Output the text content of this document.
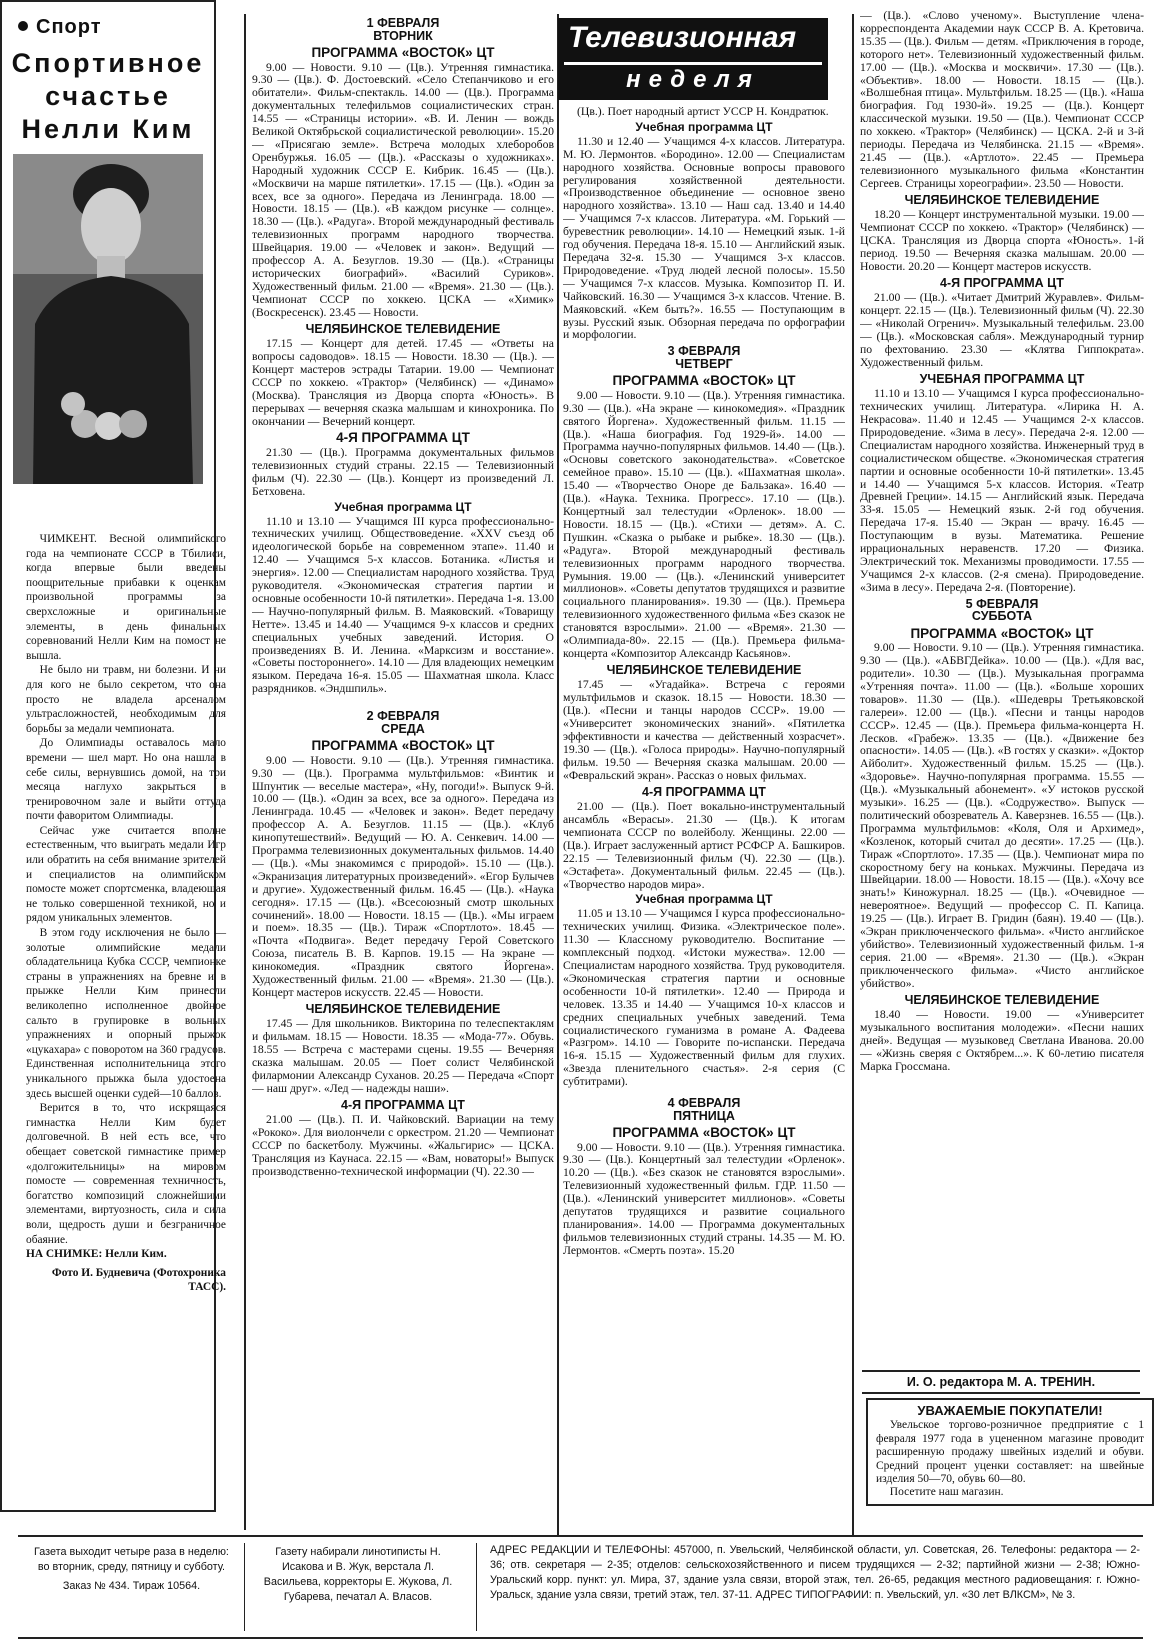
Спорт
Спортивное счастье Нелли Ким

ЧИМКЕНТ. Весной олимпийского года на чемпионате СССР в Тбилиси, когда впервые были введены поощрительные прибавки к оценкам произвольной программы за сверхсложные и оригинальные элементы, в день финальных соревнований Нелли Ким на помост не вышла.

Не было ни травм, ни болезни. И ни для кого не было секретом, что она просто не владела арсеналом ультрасложностей, необходимым для борьбы за медали чемпионата.

До Олимпиады оставалось мало времени — шел март. Но она нашла в себе силы, вернувшись домой, на три месяца наглухо закрыться в тренировочном зале и выйти оттуда почти фаворитом Олимпиады.

Сейчас уже считается вполне естественным, что выиграть медали Игр или обратить на себя внимание зрителей и специалистов на олимпийском помосте может спортсменка, владеющая не только совершенной техникой, но и рядом уникальных элементов.

В этом году исключения не было — золотые олимпийские медали обладательница Кубка СССР, чемпионке страны в упражнениях на бревне и в прыжке Нелли Ким принесли великолепно исполненное двойное сальто в групировке в вольных упражнениях и опорный прыжок «цукахара» с поворотом на 360 градусов. Единственная исполнительница этого уникального прыжка была удостоена здесь высшей оценки судей—10 баллов.

Верится в то, что искрящаяся гимнастка Нелли Ким будет долговечной. В ней есть все, что обещает советской гимнастике пример «долгожительницы» на мировом помосте — современная техничность, богатство композиций сложнейшими элементами, виртуозность, сила и сила воли, щедрость души и безграничное обаяние.

НА СНИМКЕ: Нелли Ким.

Фото И. Будневича (Фотохроника ТАСС).
1 ФЕВРАЛЯ
ВТОРНИК
ПРОГРАММА «ВОСТОК» ЦТ

9.00 — Новости. 9.10 — (Цв.). Утренняя гимнастика. 9.30 — (Цв.). Ф. Достоевский. «Село Степанчиково и его обитатели». Фильм-спектакль. 14.00 — (Цв.). Программа документальных телефильмов социалистических стран. 14.55 — «Страницы истории». «В. И. Ленин — вождь Великой Октябрьской социалистической революции». 15.20 — «Присягаю земле». Встреча молодых хлеборобов Оренбуржья. 16.05 — (Цв.). «Рассказы о художниках». Народный художник СССР Е. Кибрик. 16.45 — (Цв.). «Москвичи на марше пятилетки». 17.15 — (Цв.). «Один за всех, все за одного». Передача из Ленинграда. 18.00 — Новости. 18.15 — (Цв.). «В каждом рисунке — солнце». 18.30 — (Цв.). «Радуга». Второй международный фестиваль телевизионных программ народного творчества. Швейцария. 19.00 — «Человек и закон». Ведущий — профессор А. А. Безуглов. 19.30 — (Цв.). «Страницы исторических биографий». «Василий Суриков». Художественный фильм. 21.00 — «Время». 21.30 — (Цв.). Чемпионат СССР по хоккею. ЦСКА — «Химик» (Воскресенск). 23.45 — Новости.

ЧЕЛЯБИНСКОЕ ТЕЛЕВИДЕНИЕ

17.15 — Концерт для детей. 17.45 — «Ответы на вопросы садоводов». 18.15 — Новости. 18.30 — (Цв.). — Концерт мастеров эстрады Татарии. 19.00 — Чемпионат СССР по хоккею. «Трактор» (Челябинск) — «Динамо» (Москва). Трансляция из Дворца спорта «Юность». В перерывах — вечерняя сказка малышам и кинохроника. По окончании — Вечерний концерт.

4-Я ПРОГРАММА ЦТ

21.30 — (Цв.). Программа документальных фильмов телевизионных студий страны. 22.15 — Телевизионный фильм (Ч). 22.30 — (Цв.). Концерт из произведений Л. Бетховена.

Учебная программа ЦТ

11.10 и 13.10 — Учащимся III курса профессионально-технических училищ. Обществоведение. «XXV съезд об идеологической борьбе на современном этапе». 11.40 и 12.40 — Учащимся 5-х классов. Ботаника. «Листья и энергия». 12.00 — Специалистам народного хозяйства. Труд руководителя. «Экономическая стратегия партии и основные особенности 10-й пятилетки». Передача 1-я. 13.00 — Научно-популярный фильм. В. Маяковский. «Товарищу Нетте». 13.45 и 14.40 — Учащимся 9-х классов и средних специальных учебных заведений. История. О произведениях В. И. Ленина. «Марксизм и восстание». «Советы постороннего». 14.10 — Для владеющих немецким языком. Передача 16-я. 15.05 — Шахматная школа. Класс разрядников. «Эндшпиль».

2 ФЕВРАЛЯ
СРЕДА
ПРОГРАММА «ВОСТОК» ЦТ

9.00 — Новости. 9.10 — (Цв.). Утренняя гимнастика. 9.30 — (Цв.). Программа мультфильмов: «Винтик и Шпунтик — веселые мастера», «Ну, погоди!». Выпуск 9-й. 10.00 — (Цв.). «Один за всех, все за одного». Передача из Ленинграда. 10.45 — «Человек и закон». Ведет передачу профессор А. А. Безуглов. 11.15 — (Цв.). «Клуб кинопутешествий». Ведущий — Ю. А. Сенкевич. 14.00 — Программа телевизионных документальных фильмов. 14.40 — (Цв.). «Мы знакомимся с природой». 15.10 — (Цв.). «Экранизация литературных произведений». «Егор Булычев и другие». Художественный фильм. 16.45 — (Цв.). «Наука сегодня». 17.15 — (Цв.). «Всесоюзный смотр школьных сочинений». 18.00 — Новости. 18.15 — (Цв.). «Мы играем и поем». 18.35 — (Цв.). Тираж «Спортлото». 18.45 — «Почта «Подвига». Ведет передачу Герой Советского Союза, писатель В. В. Карпов. 19.15 — На экране — кинокомедия. «Праздник святого Йоргена». Художественный фильм. 21.00 — «Время». 21.30 — (Цв.). Концерт мастеров искусств. 22.45 — Новости.

ЧЕЛЯБИНСКОЕ ТЕЛЕВИДЕНИЕ

17.45 — Для школьников. Викторина по телеспектаклям и фильмам. 18.15 — Новости. 18.35 — «Мода-77». Обувь. 18.55 — Встреча с мастерами сцены. 19.55 — Вечерняя сказка малышам. 20.05 — Поет солист Челябинской филармонии Александр Суханов. 20.25 — Передача «Спорт — наш друг». «Лед — надежды наши».

4-Я ПРОГРАММА ЦТ

21.00 — (Цв.). П. И. Чайковский. Вариации на тему «Рококо». Для виолончели с оркестром. 21.20 — Чемпионат СССР по баскетболу. Мужчины. «Жальгирис» — ЦСКА. Трансляция из Каунаса. 22.15 — «Вам, новаторы!» Выпуск производственно-технической информации (Ч). 22.30 —

Телевизионная
неделя

(Цв.). Поет народный артист УССР Н. Кондратюк.

Учебная программа ЦТ

11.30 и 12.40 — Учащимся 4-х классов. Литература. М. Ю. Лермонтов. «Бородино». 12.00 — Специалистам народного хозяйства. Основные вопросы правового регулирования хозяйственной деятельности. «Производственное объединение — основное звено народного хозяйства». 13.10 — Наш сад. 13.40 и 14.40 — Учащимся 7-х классов. Литература. «М. Горький — буревестник революции». 14.10 — Немецкий язык. 1-й год обучения. Передача 18-я. 15.10 — Английский язык. Передача 32-я. 15.30 — Учащимся 3-х классов. Природоведение. «Труд людей лесной полосы». 15.50 — Учащимся 7-х классов. Музыка. Композитор П. И. Чайковский. 16.30 — Учащимся 3-х классов. Чтение. В. Маяковский. «Кем быть?». 16.55 — Поступающим в вузы. Русский язык. Обзорная передача по орфографии и морфологии.

3 ФЕВРАЛЯ
ЧЕТВЕРГ
ПРОГРАММА «ВОСТОК» ЦТ

9.00 — Новости. 9.10 — (Цв.). Утренняя гимнастика. 9.30 — (Цв.). «На экране — кинокомедия». «Праздник святого Йоргена». Художественный фильм. 11.15 — (Цв.). «Наша биография. Год 1929-й». 14.00 — Программа научно-популярных фильмов. 14.40 — (Цв.). «Основы советского законодательства». «Советское семейное право». 15.10 — (Цв.). «Шахматная школа». 15.40 — «Творчество Оноре де Бальзака». 16.40 — (Цв.). «Наука. Техника. Прогресс». 17.10 — (Цв.). Концертный зал телестудии «Орленок». 18.00 — Новости. 18.15 — (Цв.). «Стихи — детям». А. С. Пушкин. «Сказка о рыбаке и рыбке». 18.30 — (Цв.). «Радуга». Второй международный фестиваль телевизионных программ народного творчества. Румыния. 19.00 — (Цв.). «Ленинский университет миллионов». «Советы депутатов трудящихся и развитие социального планирования». 19.30 — (Цв.). Премьера телевизионного художественного фильма «Без сказок не становятся взрослыми». 21.00 — «Время». 21.30 — «Олимпиада-80». 22.15 — (Цв.). Премьера фильма-концерта «Композитор Александр Касьянов».

ЧЕЛЯБИНСКОЕ ТЕЛЕВИДЕНИЕ

17.45 — «Угадайка». Встреча с героями мультфильмов и сказок. 18.15 — Новости. 18.30 — (Цв.). «Песни и танцы народов СССР». 19.00 — «Университет экономических знаний». «Пятилетка эффективности и качества — действенный хозрасчет». 19.30 — (Цв.). «Голоса природы». Научно-популярный фильм. 19.50 — Вечерняя сказка малышам. 20.00 — «Февральский экран». Рассказ о новых фильмах.

4-Я ПРОГРАММА ЦТ

21.00 — (Цв.). Поет вокально-инструментальный ансамбль «Верасы». 21.30 — (Цв.). К итогам чемпионата СССР по волейболу. Женщины. 22.00 — (Цв.). Играет заслуженный артист РСФСР А. Башкиров. 22.15 — Телевизионный фильм (Ч). 22.30 — (Цв.). «Эстафета». Документальный фильм. 22.45 — (Цв.). «Творчество народов мира».

Учебная программа ЦТ

11.05 и 13.10 — Учащимся I курса профессионально-технических училищ. Физика. «Электрическое поле». 11.30 — Классному руководителю. Воспитание — комплексный подход. «Истоки мужества». 12.00 — Специалистам народного хозяйства. Труд руководителя. «Экономическая стратегия партии и основные особенности 10-й пятилетки». 12.40 — Природа и человек. 13.35 и 14.40 — Учащимся 10-х классов и средних специальных учебных заведений. Тема социалистического гуманизма в романе А. Фадеева «Разгром». 14.10 — Говорите по-испански. Передача 16-я. 15.15 — Художественный фильм для глухих. «Звезда пленительного счастья». 2-я серия (С субтитрами).

4 ФЕВРАЛЯ
ПЯТНИЦА
ПРОГРАММА «ВОСТОК» ЦТ

9.00 — Новости. 9.10 — (Цв.). Утренняя гимнастика. 9.30 — (Цв.). Концертный зал телестудии «Орленок». 10.20 — (Цв.). «Без сказок не становятся взрослыми». Телевизионный художественный фильм. ГДР. 11.50 — (Цв.). «Ленинский университет миллионов». «Советы депутатов трудящихся и развитие социального планирования». 14.00 — Программа документальных фильмов телевизионных студий страны. 14.35 — М. Ю. Лермонтов. «Смерть поэта». 15.20

— (Цв.). «Слово ученому». Выступление члена-корреспондента Академии наук СССР В. А. Кретовича. 15.35 — (Цв.). Фильм — детям. «Приключения в городе, которого нет». Телевизионный художественный фильм. 17.00 — (Цв.). «Москва и москвичи». 17.30 — (Цв.). «Объектив». 18.00 — Новости. 18.15 — (Цв.). «Волшебная птица». Мультфильм. 18.25 — (Цв.). «Наша биография. Год 1930-й». 19.25 — (Цв.). Концерт классической музыки. 19.50 — (Цв.). Чемпионат СССР по хоккею. «Трактор» (Челябинск) — ЦСКА. 2-й и 3-й периоды. Передача из Челябинска. 21.15 — «Время». 21.45 — (Цв.). «Артлото». 22.45 — Премьера телевизионного музыкального фильма «Константин Сергеев. Страницы хореографии». 23.50 — Новости.

ЧЕЛЯБИНСКОЕ ТЕЛЕВИДЕНИЕ

18.20 — Концерт инструментальной музыки. 19.00 — Чемпионат СССР по хоккею. «Трактор» (Челябинск) — ЦСКА. Трансляция из Дворца спорта «Юность». 1-й период. 19.50 — Вечерняя сказка малышам. 20.00 — Новости. 20.20 — Концерт мастеров искусств.

4-Я ПРОГРАММА ЦТ

21.00 — (Цв.). «Читает Дмитрий Журавлев». Фильм-концерт. 22.15 — (Цв.). Телевизионный фильм (Ч). 22.30 — «Николай Огренич». Музыкальный телефильм. 23.00 — (Цв.). «Московская сабля». Международный турнир по фехтованию. 23.30 — «Клятва Гиппократа». Художественный фильм.

УЧЕБНАЯ ПРОГРАММА ЦТ

11.10 и 13.10 — Учащимся I курса профессионально-технических училищ. Литература. «Лирика Н. А. Некрасова». 11.40 и 12.45 — Учащимся 2-х классов. Природоведение. «Зима в лесу». Передача 2-я. 12.00 — Специалистам народного хозяйства. Инженерный труд в социалистическом обществе. «Экономическая стратегия партии и основные особенности 10-й пятилетки». 13.45 и 14.40 — Учащимся 5-х классов. История. «Театр Древней Греции». 14.15 — Английский язык. Передача 33-я. 15.05 — Немецкий язык. 2-й год обучения. Передача 17-я. 15.40 — Экран — врачу. 16.45 — Поступающим в вузы. Математика. Решение иррациональных неравенств. 17.20 — Физика. Электрический ток. Механизмы проводимости. 17.55 — Учащимся 2-х классов. (2-я смена). Природоведение. «Зима в лесу». Передача 2-я. (Повторение).

5 ФЕВРАЛЯ
СУББОТА
ПРОГРАММА «ВОСТОК» ЦТ

9.00 — Новости. 9.10 — (Цв.). Утренняя гимнастика. 9.30 — (Цв.). «АБВГДейка». 10.00 — (Цв.). «Для вас, родители». 10.30 — (Цв.). Музыкальная программа «Утренняя почта». 11.00 — (Цв.). «Больше хороших товаров». 11.30 — (Цв.). «Шедевры Третьяковской галереи». 12.00 — (Цв.). «Песни и танцы народов СССР». 12.45 — (Цв.). Премьера фильма-концерта Н. Лесков. «Грабеж». 13.35 — (Цв.). «Движение без опасности». 14.05 — (Цв.). «В гостях у сказки». «Доктор Айболит». Художественный фильм. 15.25 — (Цв.). «Здоровье». Научно-популярная программа. 15.55 — (Цв.). «Музыкальный абонемент». «У истоков русской музыки». 16.25 — (Цв.). «Содружество». Выпуск — политический обозреватель А. Каверзнев. 16.55 — (Цв.). Программа мультфильмов: «Коля, Оля и Архимед», «Козленок, который считал до десяти». 17.25 — (Цв.). Тираж «Спортлото». 17.35 — (Цв.). Чемпионат мира по скоростному бегу на коньках. Мужчины. Передача из Швейцарии. 18.00 — Новости. 18.15 — (Цв.). «Хочу все знать!» Киножурнал. 18.25 — (Цв.). «Очевидное — невероятное». Ведущий — профессор С. П. Капица. 19.25 — (Цв.). Играет В. Гридин (баян). 19.40 — (Цв.). «Экран приключенческого фильма». «Чисто английское убийство». Телевизионный художественный фильм. 1-я серия. 21.00 — «Время». 21.30 — (Цв.). «Экран приключенческого фильма». «Чисто английское убийство».

ЧЕЛЯБИНСКОЕ ТЕЛЕВИДЕНИЕ

18.40 — Новости. 19.00 — «Университет музыкального воспитания молодежи». «Песни наших дней». Ведущая — музыковед Светлана Иванова. 20.00 — «Жизнь сверяя с Октябрем...». К 60-летию писателя Марка Гроссмана.

И. О. редактора М. А. ТРЕНИН.
УВАЖАЕМЫЕ ПОКУПАТЕЛИ!

Увельское торгово-розничное предприятие с 1 февраля 1977 года в уцененном магазине проводит расширенную продажу швейных изделий и обуви. Средний процент уценки составляет: на швейные изделия 50—70, обувь 60—80.

Посетите наш магазин.

Газета выходит четыре раза в неделю: во вторник, среду, пятницу и субботу.
Заказ № 434. Тираж 10564.
Газету набирали линотиписты Н. Исакова и В. Жук, верстала Л. Васильева, корректоры Е. Жукова, Л. Губарева, печатал А. Власов.
АДРЕС РЕДАКЦИИ И ТЕЛЕФОНЫ: 457000, п. Увельский, Челябинской области, ул. Советская, 26. Телефоны: редактора — 2-36; отв. секретаря — 2-35; отделов: сельскохозяйственного и писем трудящихся — 2-32; партийной жизни — 2-38; Южно-Уральский корр. пункт: ул. Мира, 37, здание узла связи, второй этаж, тел. 26-65, редакция местного радиовещания: г. Южно-Уральск, здание узла связи, третий этаж, тел. 37-11. АДРЕС ТИПОГРАФИИ: п. Увельский, ул. «30 лет ВЛКСМ», № 3.
